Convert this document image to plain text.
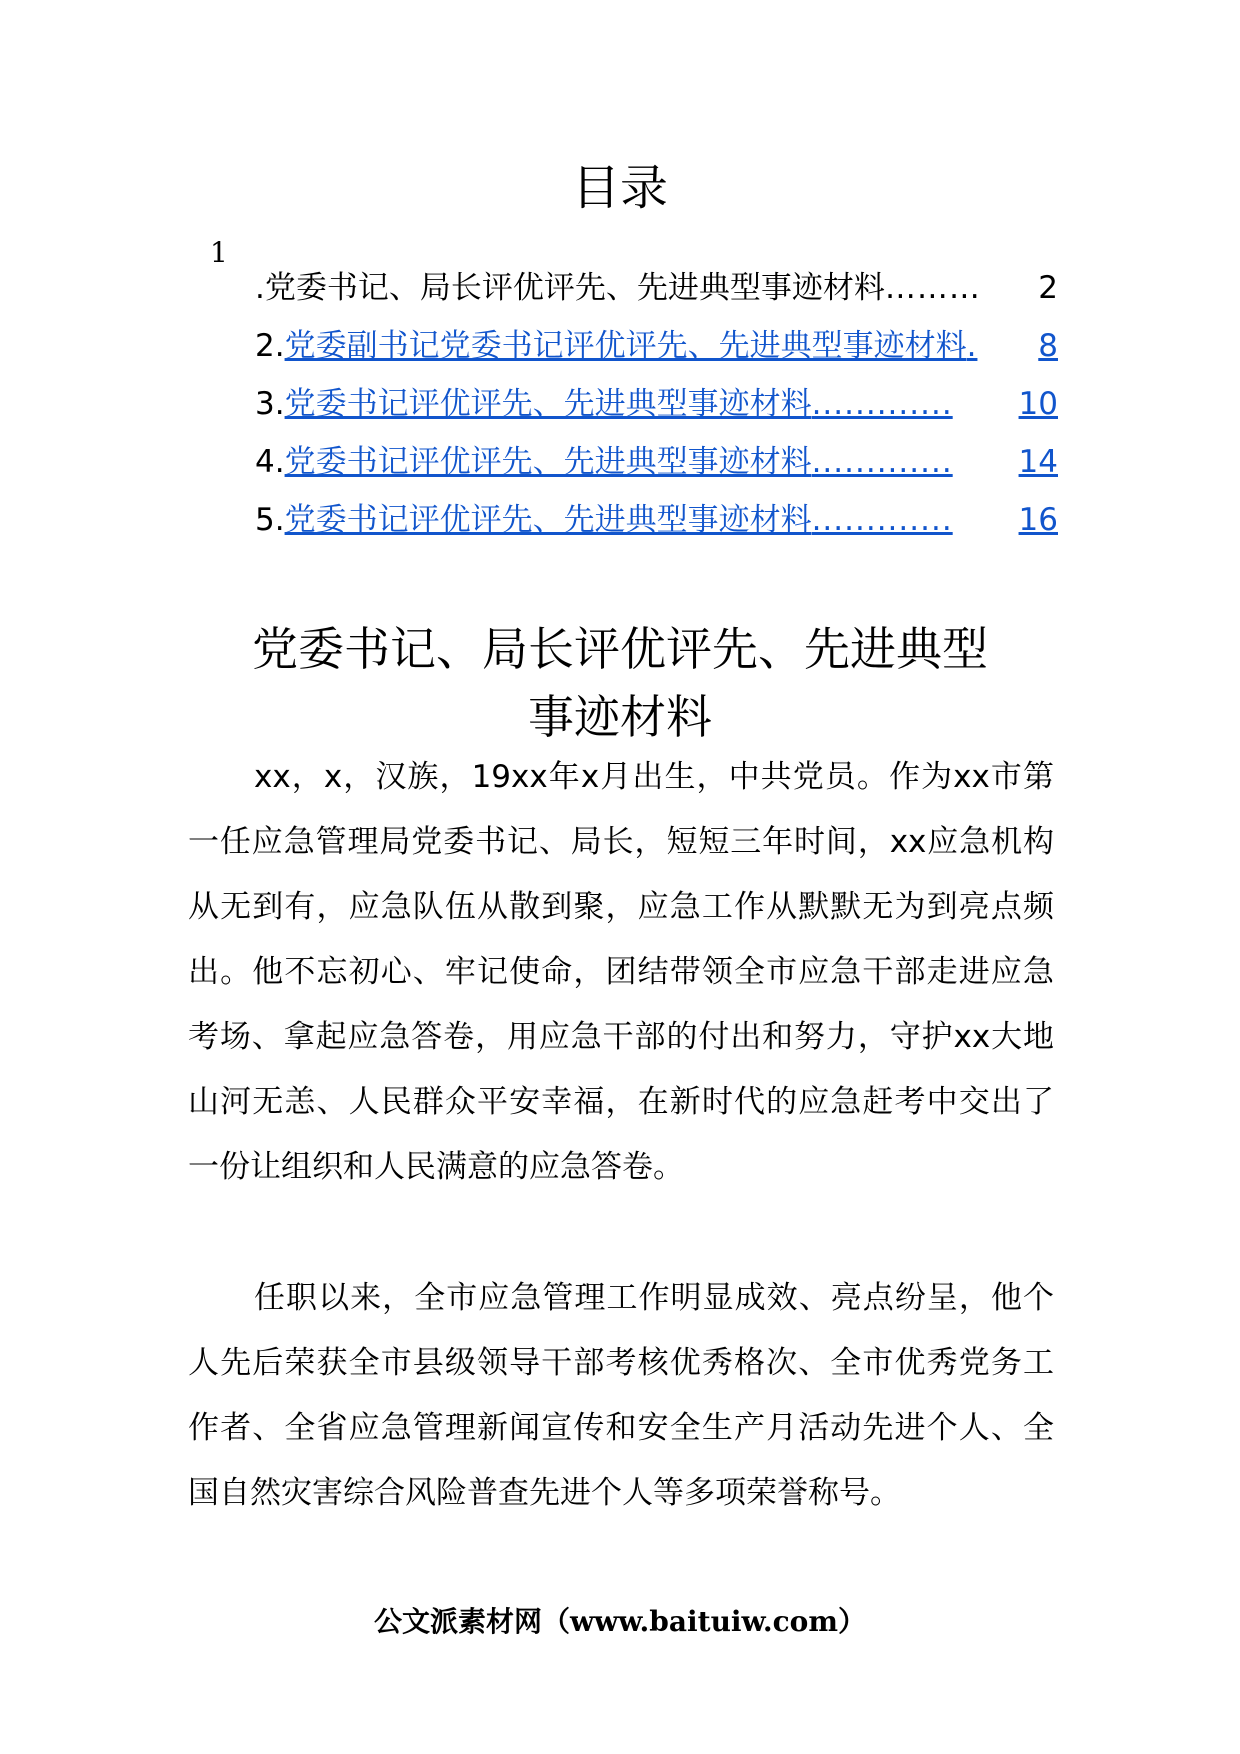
目录
1
. 党委书记、局长评优评先、先进典型事迹材料 ………	2
2. 党委副书记党委书记评优评先、先进典型事迹材料 .	8
3. 党委书记评优评先、先进典型事迹材料 .............	10
4. 党委书记评优评先、先进典型事迹材料 .............	14
5. 党委书记评优评先、先进典型事迹材料 .............	16
党委书记、局长评优评先、先进典型
事迹材料

xx，x，汉族，19xx年x月出生，中共党员。作为xx市第一任应急管理局党委书记、局长，短短三年时间，xx应急机构从无到有，应急队伍从散到聚，应急工作从默默无为到亮点频出。他不忘初心、牢记使命，团结带领全市应急干部走进应急考场、拿起应急答卷，用应急干部的付出和努力，守护xx大地山河无恙、人民群众平安幸福，在新时代的应急赶考中交出了一份让组织和人民满意的应急答卷。

任职以来，全市应急管理工作明显成效、亮点纷呈，他个人先后荣获全市县级领导干部考核优秀格次、全市优秀党务工作者、全省应急管理新闻宣传和安全生产月活动先进个人、全国自然灾害综合风险普查先进个人等多项荣誉称号。

公文派素材网（www.baituiw.com）
